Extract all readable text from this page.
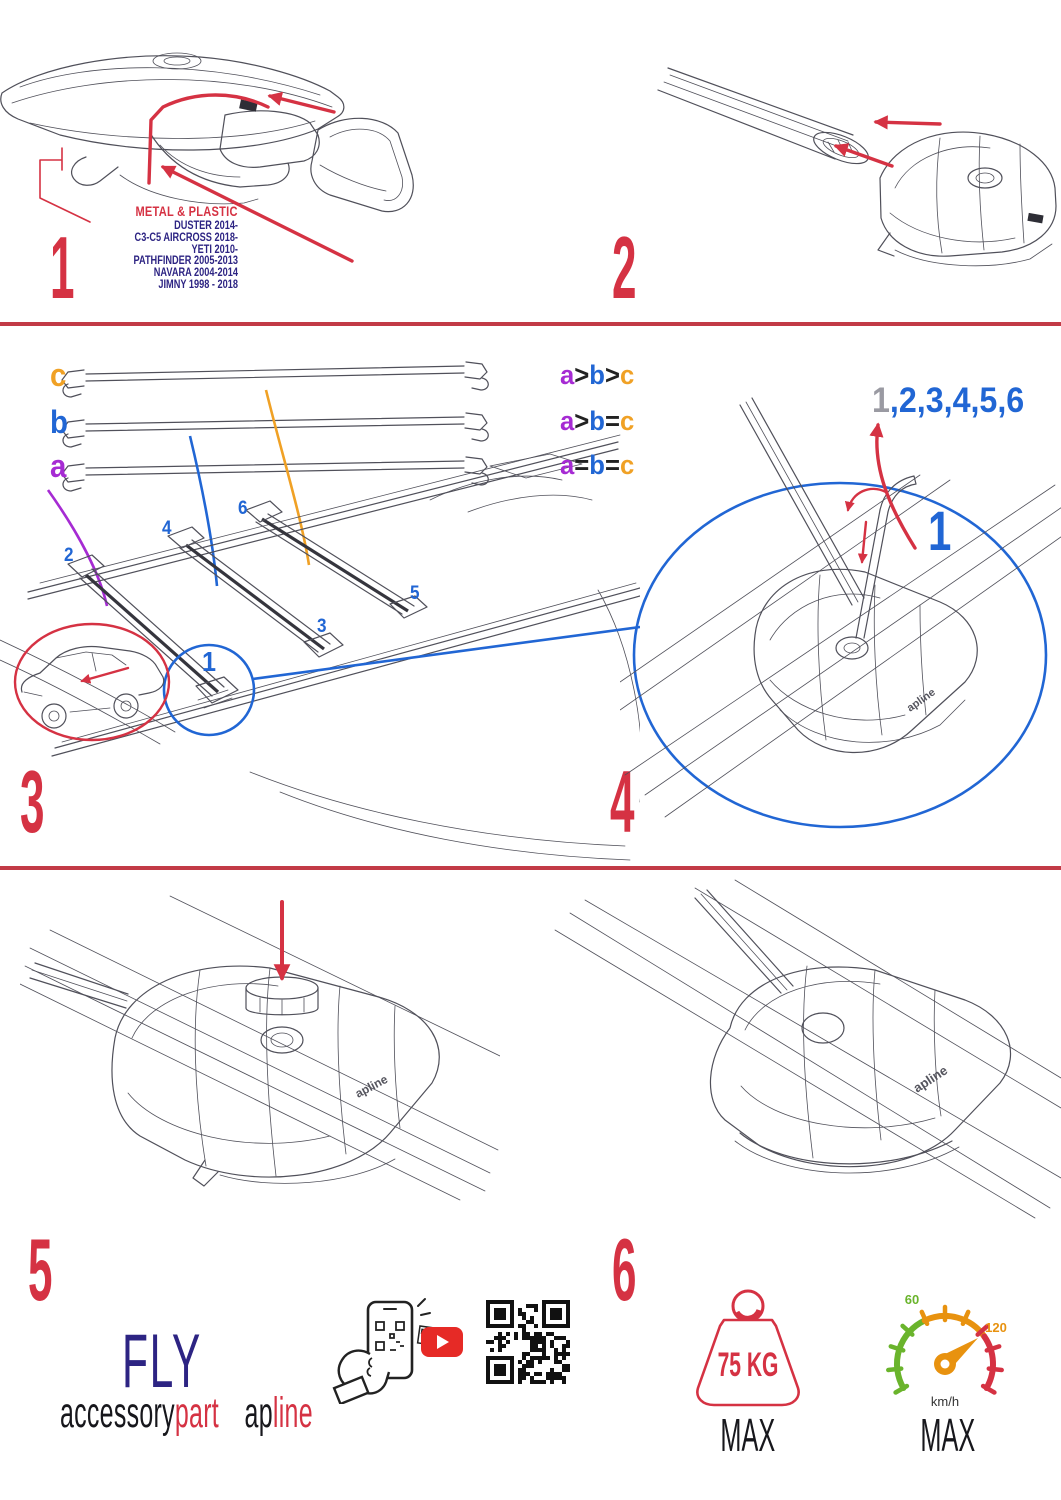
METAL & PLASTIC
DUSTER 2014-
C3-C5 AIRCROSS 2018-
YETI 2010-
PATHFINDER 2005-2013
NAVARA 2004-2014
JIMNY 1998 - 2018
1	2
c
b
a
a > b > c
a > b = c
a = b = c
2
4
6
3
5
1
3	4
apline
1 ,2,3,4,5,6
1
apline
5
apline
6
FLY
accessory part ap line
75 KG
MAX
60
120
km/h
MAX
